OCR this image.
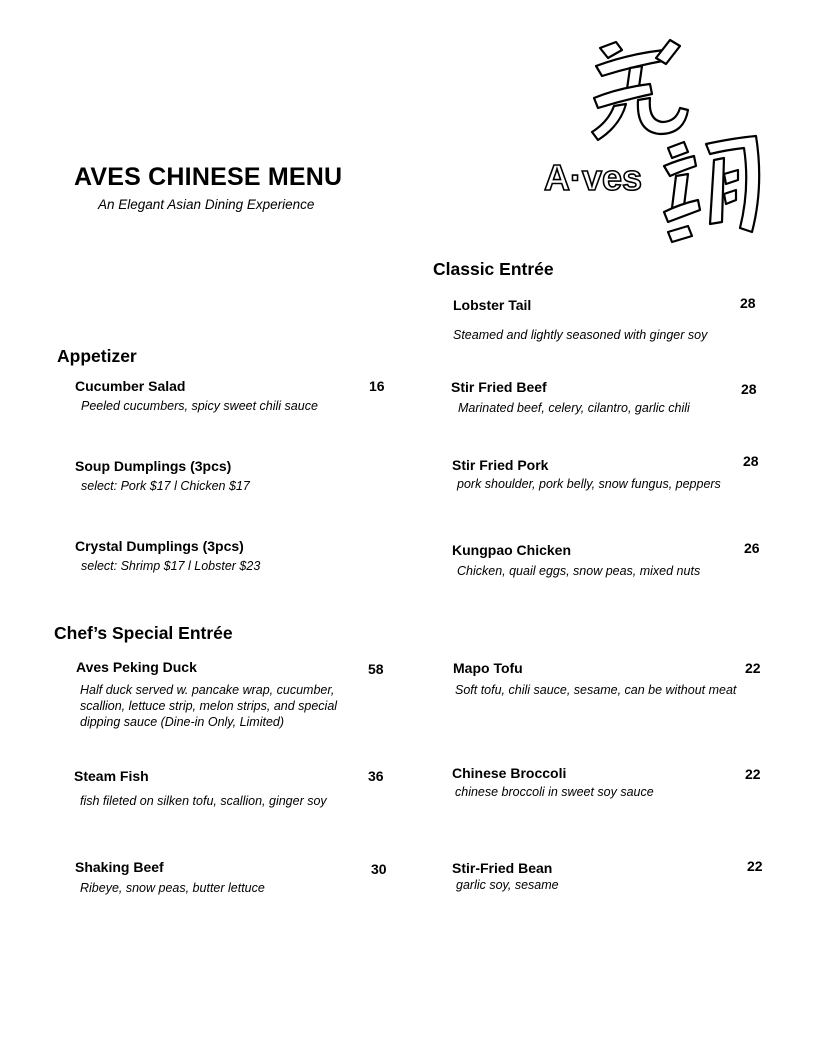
A·ves
AVES CHINESE MENU
An Elegant Asian Dining Experience
Appetizer
Cucumber Salad	16
Peeled cucumbers, spicy sweet chili sauce
Soup Dumplings (3pcs)
select: Pork $17 l Chicken $17
Crystal Dumplings (3pcs)
select: Shrimp $17 l Lobster $23
Chef’s Special Entrée
Aves Peking Duck	58
Half duck served w. pancake wrap, cucumber, scallion, lettuce strip, melon strips, and special dipping sauce (Dine-in Only, Limited)
Steam Fish	36
fish fileted on silken tofu, scallion, ginger soy
Shaking Beef	30
Ribeye, snow peas, butter lettuce
Classic Entrée
Lobster Tail	28
Steamed and lightly seasoned with ginger soy
Stir Fried Beef	28
Marinated beef, celery, cilantro, garlic chili
Stir Fried Pork	28
pork shoulder, pork belly, snow fungus, peppers
Kungpao Chicken	26
Chicken, quail eggs, snow peas, mixed nuts
Mapo Tofu	22
Soft tofu, chili sauce, sesame, can be without meat
Chinese Broccoli	22
chinese broccoli in sweet soy sauce
Stir-Fried Bean	22
garlic soy, sesame
